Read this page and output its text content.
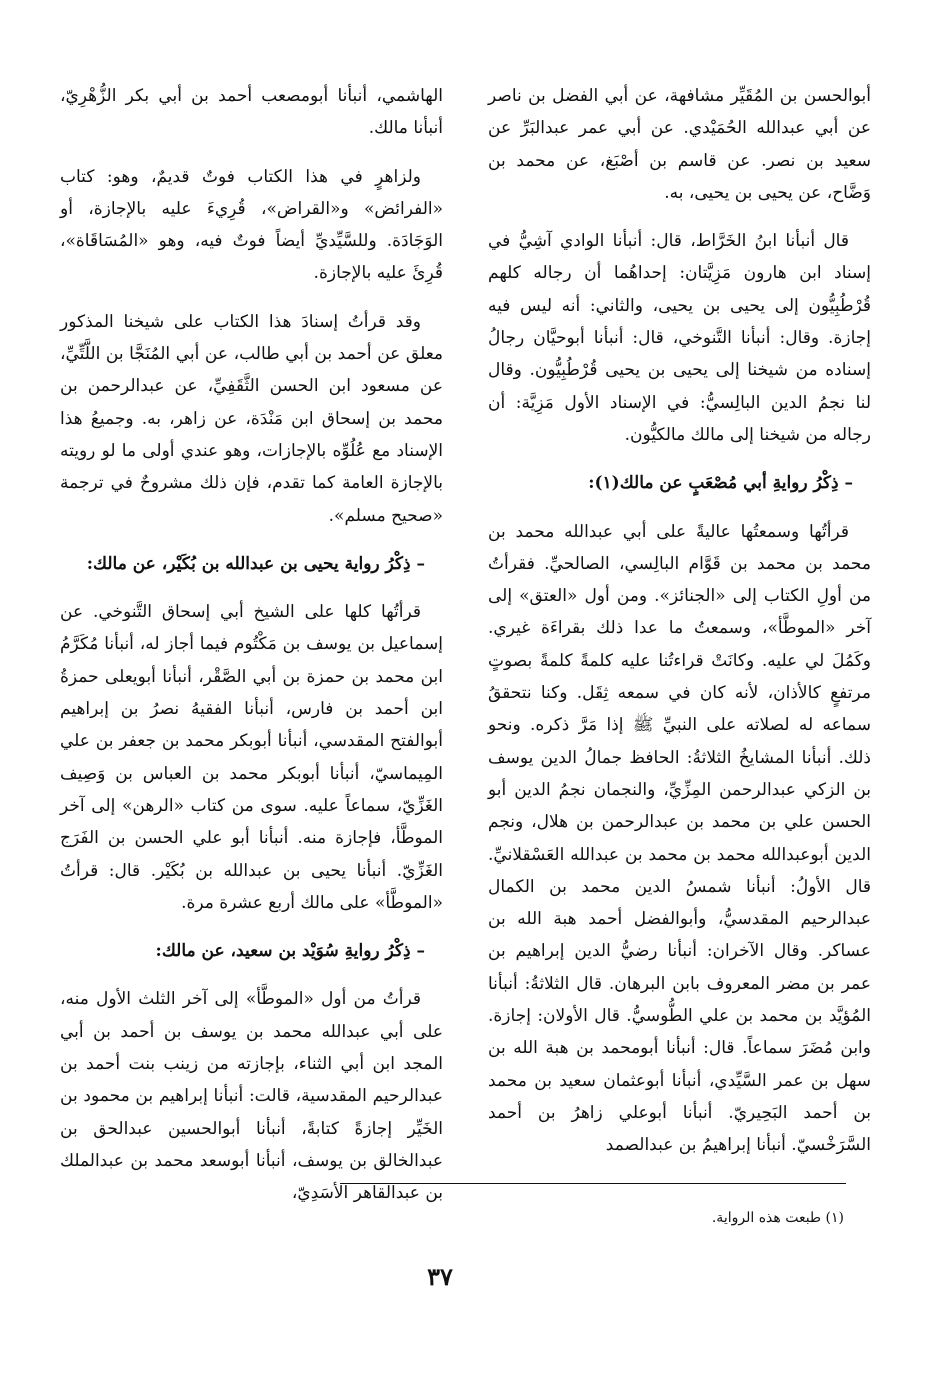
أبوالحسن بن المُقَيِّر مشافهة، عن أبي الفضل بن ناصر عن أبي عبدالله الحُمَيْدي. عن أبي عمر عبدالبَرِّ عن سعيد بن نصر. عن قاسم بن أصْبَغ، عن محمد بن وَضَّاح، عن يحيى بن يحيى، به.

قال أنبأنا ابنُ الخَرَّاط، قال: أنبأنا الوادي آشِيُّ في إسناد ابن هارون مَزِيَّتان: إحداهُما أن رجاله كلهم قُرْطُبِيُّون إلى يحيى بن يحيى، والثاني: أنه ليس فيه إجازة. وقال: أنبأنا التَّنوخي، قال: أنبأنا أبوحيَّان رجالُ إسناده من شيخنا إلى يحيى بن يحيى قُرْطُبِيُّون. وقال لنا نجمُ الدين البالِسيُّ: في الإسناد الأول مَزِيَّة: أن رجاله من شيخنا إلى مالك مالكيُّون.

– ذِكْرُ روايةِ أبي مُصْعَبٍ عن مالك(١):

قرأتُها وسمعتُها عاليةً على أبي عبدالله محمد بن محمد بن محمد بن قَوَّام البالِسي، الصالحيِّ. فقرأتُ من أولِ الكتاب إلى «الجنائز». ومن أول «العتق» إلى آخر «الموطَّأ»، وسمعتُ ما عدا ذلك بقراءَة غيري. وكَمُلَ لي عليه. وكانَتْ قراءتُنا عليه كلمةً كلمةً بصوتٍ مرتفعٍ كالأذان، لأنه كان في سمعه ثِقَل. وكنا نتحققُ سماعه له لصلاته على النبيِّ ﷺ إذا مَرَّ ذكره. ونحو ذلك. أنبأنا المشايخُ الثلاثةُ: الحافظ جمالُ الدين يوسف بن الزكي عبدالرحمن المِزِّيِّ، والنجمان نجمُ الدين أبو الحسن علي بن محمد بن عبدالرحمن بن هلال، ونجم الدين أبوعبدالله محمد بن محمد بن عبدالله العَسْقلانيِّ. قال الأولُ: أنبأنا شمسُ الدين محمد بن الكمال عبدالرحيم المقدسيُّ، وأبوالفضل أحمد هبة الله بن عساكر. وقال الآخران: أنبأنا رضيُّ الدين إبراهيم بن عمر بن مضر المعروف بابن البرهان. قال الثلاثةُ: أنبأنا المُؤيَّد بن محمد بن علي الطُّوسيُّ. قال الأولان: إجازة. وابن مُضَرَ سماعاً. قال: أنبأنا أبومحمد بن هبة الله بن سهل بن عمر السَّيِّدي، أنبأنا أبوعثمان سعيد بن محمد بن أحمد البَحِيريّ. أنبأنا أبوعلي زاهرُ بن أحمد السَّرَخْسيّ. أنبأنا إبراهيمُ بن عبدالصمد

الهاشمي، أنبأنا أبومصعب أحمد بن أبي بكر الزُّهْرِيّ، أنبأنا مالك.

ولزاهرٍ في هذا الكتاب فوتٌ قديمٌ، وهو: كتاب «الفرائض» و«القراض»، قُرِيءَ عليه بالإجازة، أو الوَجَادَة. وللسَّيِّديِّ أيضاً فوتٌ فيه، وهو «المُسَاقَاة»، قُرِئَ عليه بالإجازة.

وقد قرأتُ إسنادَ هذا الكتاب على شيخنا المذكور معلق عن أحمد بن أبي طالب، عن أبي المُنَجَّا بن اللَّتِّيِّ، عن مسعود ابن الحسن الثَّقَفِيِّ، عن عبدالرحمن بن محمد بن إسحاق ابن مَنْدَة، عن زاهر، به. وجميعُ هذا الإسناد مع عُلُوِّه بالإجازات، وهو عندي أولى ما لو رويته بالإجازة العامة كما تقدم، فإن ذلك مشروحٌ في ترجمة «صحيح مسلم».

– ذِكْرُ رواية يحيى بن عبدالله بن بُكَيْر، عن مالك:

قرأتُها كلها على الشيخ أبي إسحاق التَّنوخي. عن إسماعيل بن يوسف بن مَكْتُوم فيما أجاز له، أنبأنا مُكَرَّمُ ابن محمد بن حمزة بن أبي الصَّقْر، أنبأنا أبويعلى حمزةُ ابن أحمد بن فارس، أنبأنا الفقيهُ نصرُ بن إبراهيم أبوالفتح المقدسي، أنبأنا أبوبكر محمد بن جعفر بن علي المِيماسيّ، أنبأنا أبوبكر محمد بن العباس بن وَصِيف الغَزِّيّ، سماعاً عليه. سوى من كتاب «الرهن» إلى آخر الموطَّأ، فإجازة منه. أنبأنا أبو علي الحسن بن الفَرَج الغَزِّيّ. أنبأنا يحيى بن عبدالله بن بُكَيْر. قال: قرأتُ «الموطَّأ» على مالك أربع عشرة مرة.

– ذِكْرُ روايةِ سُوَيْد بن سعيد، عن مالك:

قرأتُ من أول «الموطَّأ» إلى آخر الثلث الأول منه، على أبي عبدالله محمد بن يوسف بن أحمد بن أبي المجد ابن أبي الثناء، بإجازته من زينب بنت أحمد بن عبدالرحيم المقدسية، قالت: أنبأنا إبراهيم بن محمود بن الخَيِّر إجازةً كتابةً، أنبأنا أبوالحسين عبدالحق بن عبدالخالق بن يوسف، أنبأنا أبوسعد محمد بن عبدالملك بن عبدالقاهر الأسَدِيّ،

(١) طبعت هذه الرواية.
٣٧
